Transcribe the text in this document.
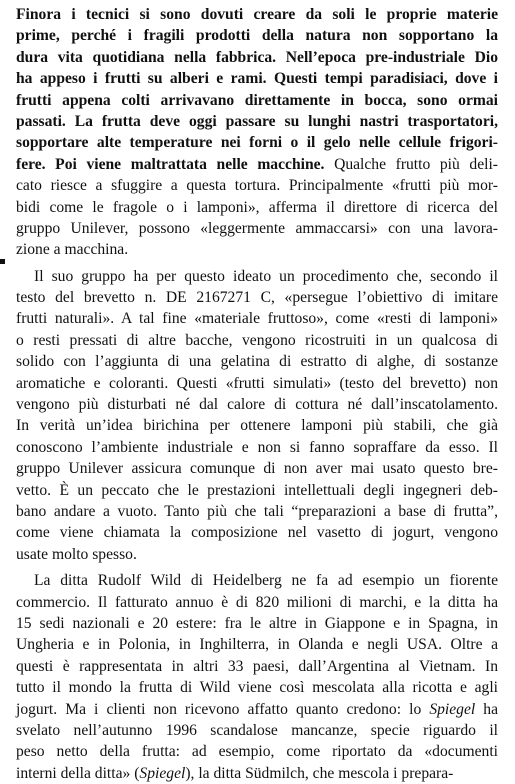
Finora i tecnici si sono dovuti creare da soli le proprie materie
prime, perché i fragili prodotti della natura non sopportano la
dura vita quotidiana nella fabbrica. Nell’epoca pre-industriale Dio
ha appeso i frutti su alberi e rami. Questi tempi paradisiaci, dove i
frutti appena colti arrivavano direttamente in bocca, sono ormai
passati. La frutta deve oggi passare su lunghi nastri trasportatori,
sopportare alte temperature nei forni o il gelo nelle cellule frigori-
fere. Poi viene maltrattata nelle macchine. Qualche frutto più deli-
cato riesce a sfuggire a questa tortura. Principalmente «frutti più mor-
bidi come le fragole o i lamponi», afferma il direttore di ricerca del
gruppo Unilever, possono «leggermente ammaccarsi» con una lavora-
zione a macchina.
Il suo gruppo ha per questo ideato un procedimento che, secondo il
testo del brevetto n. DE 2167271 C, «persegue l’obiettivo di imitare
frutti naturali». A tal fine «materiale fruttoso», come «resti di lamponi»
o resti pressati di altre bacche, vengono ricostruiti in un qualcosa di
solido con l’aggiunta di una gelatina di estratto di alghe, di sostanze
aromatiche e coloranti. Questi «frutti simulati» (testo del brevetto) non
vengono più disturbati né dal calore di cottura né dall’inscatolamento.
In verità un’idea birichina per ottenere lamponi più stabili, che già
conoscono l’ambiente industriale e non si fanno sopraffare da esso. Il
gruppo Unilever assicura comunque di non aver mai usato questo bre-
vetto. È un peccato che le prestazioni intellettuali degli ingegneri deb-
bano andare a vuoto. Tanto più che tali “preparazioni a base di frutta”,
come viene chiamata la composizione nel vasetto di jogurt, vengono
usate molto spesso.
La ditta Rudolf Wild di Heidelberg ne fa ad esempio un fiorente
commercio. Il fatturato annuo è di 820 milioni di marchi, e la ditta ha
15 sedi nazionali e 20 estere: fra le altre in Giappone e in Spagna, in
Ungheria e in Polonia, in Inghilterra, in Olanda e negli USA. Oltre a
questi è rappresentata in altri 33 paesi, dall’Argentina al Vietnam. In
tutto il mondo la frutta di Wild viene così mescolata alla ricotta e agli
jogurt. Ma i clienti non ricevono affatto quanto credono: lo Spiegel ha
svelato nell’autunno 1996 scandalose mancanze, specie riguardo il
peso netto della frutta: ad esempio, come riportato da «documenti
interni della ditta» (Spiegel), la ditta Südmilch, che mescola i prepara-
